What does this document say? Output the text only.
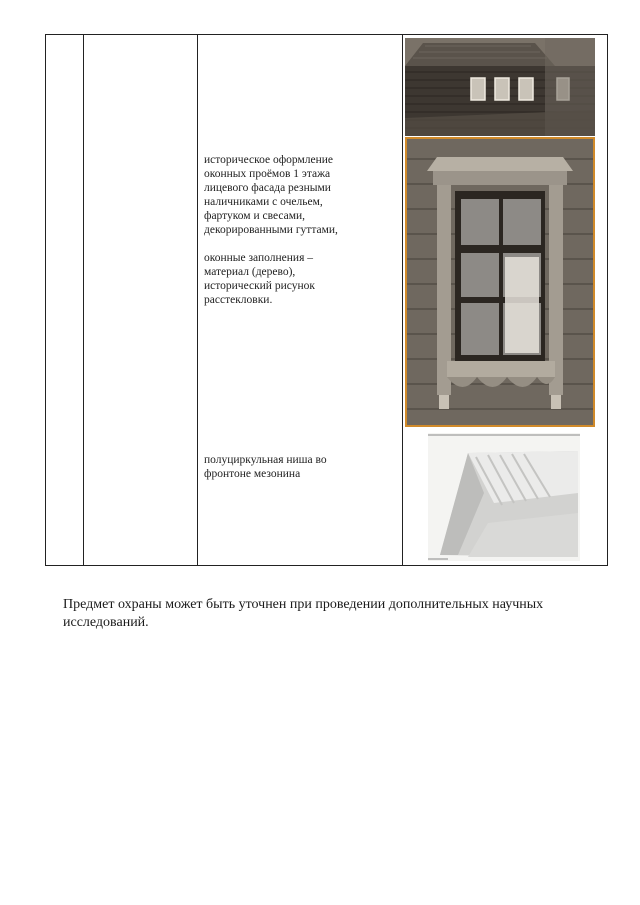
историческое оформление

оконных проёмов 1 этажа

лицевого фасада резными

наличниками с очельем,

фартуком и свесами,

декорированными гуттами,

оконные заполнения –

материал (дерево),

исторический рисунок

расстекловки.

полуциркульная ниша во

фронтоне мезонина

Предмет охраны может быть уточнен при проведении дополнительных научных исследований.
